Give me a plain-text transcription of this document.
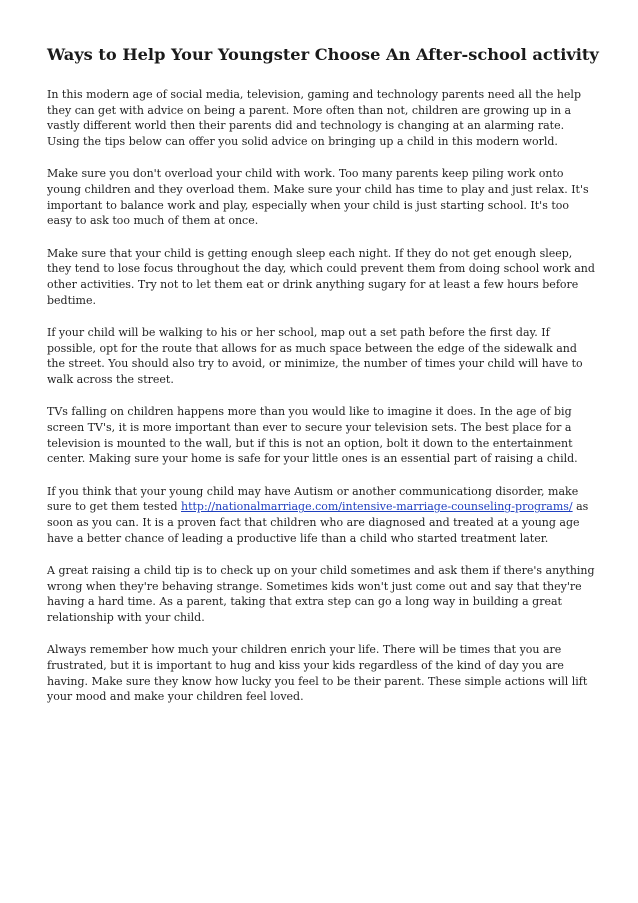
Ways to Help Your Youngster Choose An After-school activity

In this modern age of social media, television, gaming and technology parents need all the help they can get with advice on being a parent. More often than not, children are growing up in a vastly different world then their parents did and technology is changing at an alarming rate. Using the tips below can offer you solid advice on bringing up a child in this modern world.

Make sure you don't overload your child with work. Too many parents keep piling work onto young children and they overload them. Make sure your child has time to play and just relax. It's important to balance work and play, especially when your child is just starting school. It's too easy to ask too much of them at once.

Make sure that your child is getting enough sleep each night. If they do not get enough sleep, they tend to lose focus throughout the day, which could prevent them from doing school work and other activities. Try not to let them eat or drink anything sugary for at least a few hours before bedtime.

If your child will be walking to his or her school, map out a set path before the first day. If possible, opt for the route that allows for as much space between the edge of the sidewalk and the street. You should also try to avoid, or minimize, the number of times your child will have to walk across the street.

TVs falling on children happens more than you would like to imagine it does. In the age of big screen TV's, it is more important than ever to secure your television sets. The best place for a television is mounted to the wall, but if this is not an option, bolt it down to the entertainment center. Making sure your home is safe for your little ones is an essential part of raising a child.

If you think that your young child may have Autism or another communicationg disorder, make sure to get them tested http://nationalmarriage.com/intensive-marriage-counseling-programs/ as soon as you can. It is a proven fact that children who are diagnosed and treated at a young age have a better chance of leading a productive life than a child who started treatment later.

A great raising a child tip is to check up on your child sometimes and ask them if there's anything wrong when they're behaving strange. Sometimes kids won't just come out and say that they're having a hard time. As a parent, taking that extra step can go a long way in building a great relationship with your child.

Always remember how much your children enrich your life. There will be times that you are frustrated, but it is important to hug and kiss your kids regardless of the kind of day you are having. Make sure they know how lucky you feel to be their parent. These simple actions will lift your mood and make your children feel loved.
